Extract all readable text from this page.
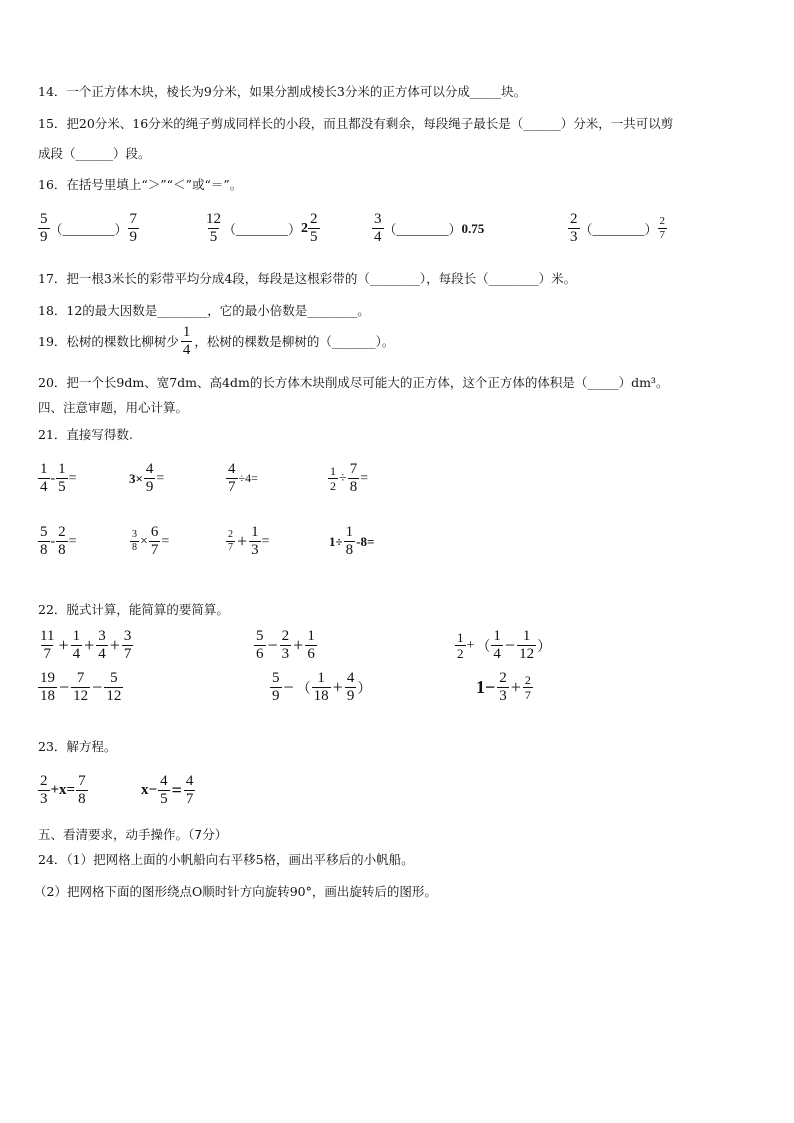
14．一个正方体木块，棱长为9分米，如果分割成棱长3分米的正方体可以分成_____块。
15．把20分米、16分米的绳子剪成同样长的小段，而且都没有剩余，每段绳子最长是（______）分米，一共可以剪
成段（______）段。
16．在括号里填上“＞”“＜”或“＝”。
$\frac{5}{9}$ （________） $\frac{7}{9}$	$\frac{12}{5}$ （________） $2 \frac{2}{5}$	$\frac{3}{4}$ （________） 0.75	$\frac{2}{3}$ （________） $\frac{2}{7}$
17．把一根3米长的彩带平均分成4段，每段是这根彩带的（________），每段长（________）米。
18．12的最大因数是________，它的最小倍数是________。
19．松树的棵数比柳树少 $\frac{1}{4}$ ，松树的棵数是柳树的（_______）。
20．把一个长9dm、宽7dm、高4dm的长方体木块削成尽可能大的正方体，这个正方体的体积是（_____）dm³。
四、注意审题，用心计算。
21．直接写得数.
$\frac{1}{4} - \frac{1}{5}$ =	$3\times \frac{4}{9}$ =	$\frac{4}{7} \div 4=$	$\frac{1}{2} \div \frac{7}{8}$ =
$\frac{5}{8} - \frac{2}{8}$ =	$\frac{3}{8} \times \frac{6}{7}$ =	$\frac{2}{7} + \frac{1}{3}$ =	$1\div \frac{1}{8} -8=$
22．脱式计算，能简算的要简算。
$\frac{11}{7} + \frac{1}{4} + \frac{3}{4} + \frac{3}{7}$	$\frac{5}{6} - \frac{2}{3} + \frac{1}{6}$	$\frac{1}{2}$ + （ $\frac{1}{4} - \frac{1}{12}$ ）
$\frac{19}{18} - \frac{7}{12} - \frac{5}{12}$	$\frac{5}{9}$ − （ $\frac{1}{18} + \frac{4}{9}$ ）	$1- \frac{2}{3} + \frac{2}{7}$
23．解方程。
$\frac{2}{3} +x= \frac{7}{8}$	$x- \frac{4}{5} = \frac{4}{7}$
五、看清要求，动手操作。（7分）
24．（1）把网格上面的小帆船向右平移5格，画出平移后的小帆船。
（2）把网格下面的图形绕点O顺时针方向旋转90°，画出旋转后的图形。
